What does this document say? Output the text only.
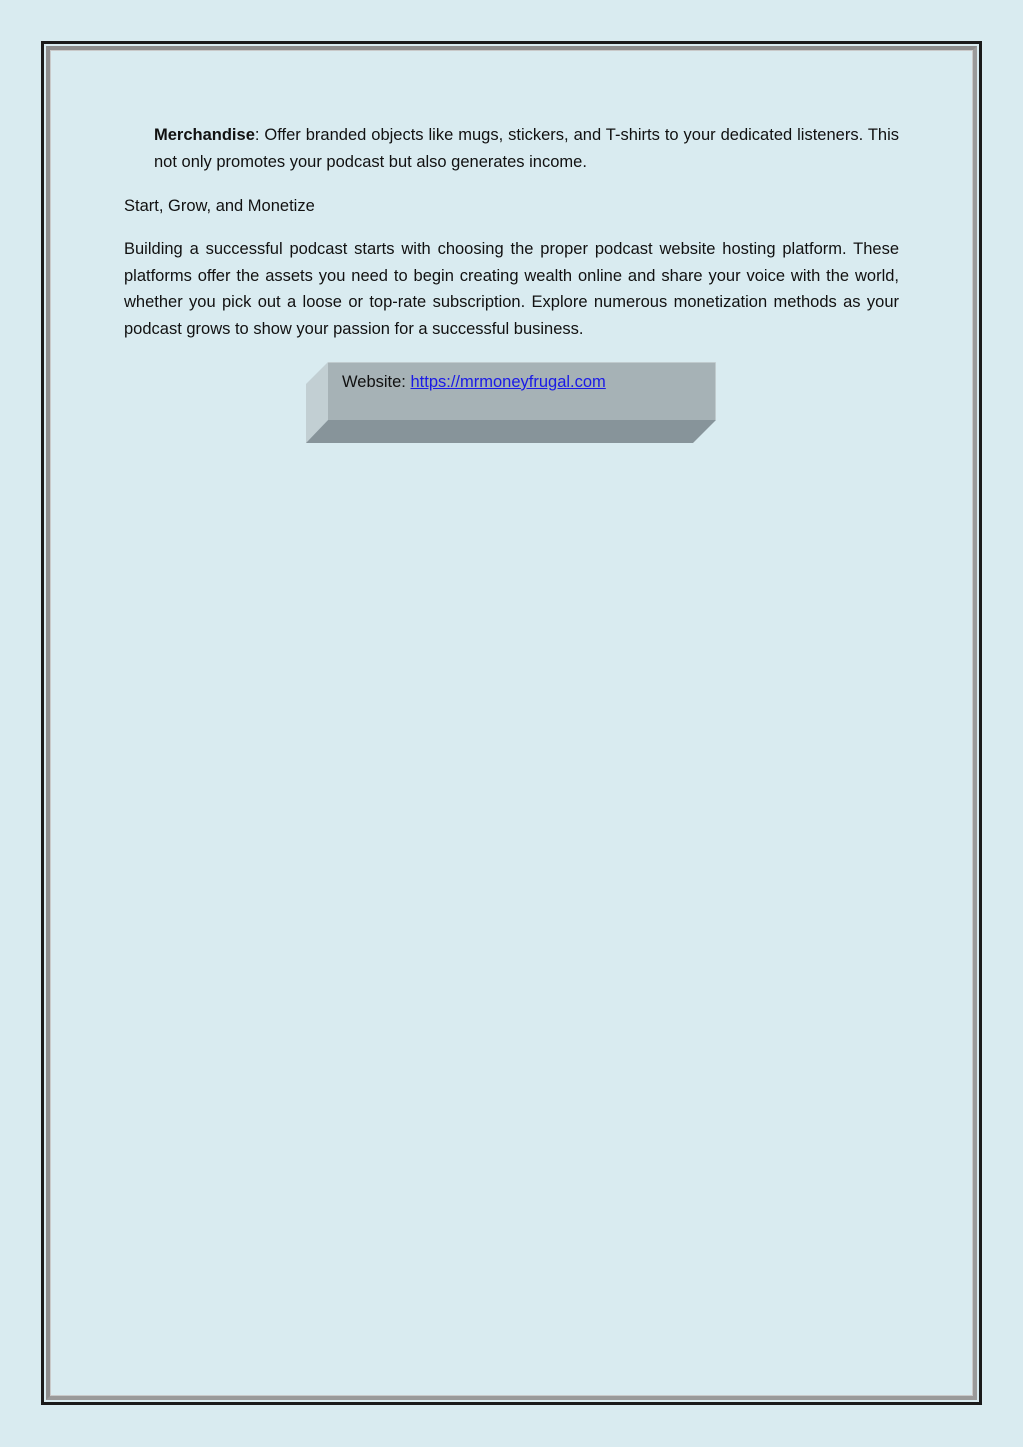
Merchandise: Offer branded objects like mugs, stickers, and T-shirts to your dedicated listeners. This not only promotes your podcast but also generates income.

Start, Grow, and Monetize

Building a successful podcast starts with choosing the proper podcast website hosting platform. These platforms offer the assets you need to begin creating wealth online and share your voice with the world, whether you pick out a loose or top-rate subscription. Explore numerous monetization methods as your podcast grows to show your passion for a successful business.

Website: https://mrmoneyfrugal.com
